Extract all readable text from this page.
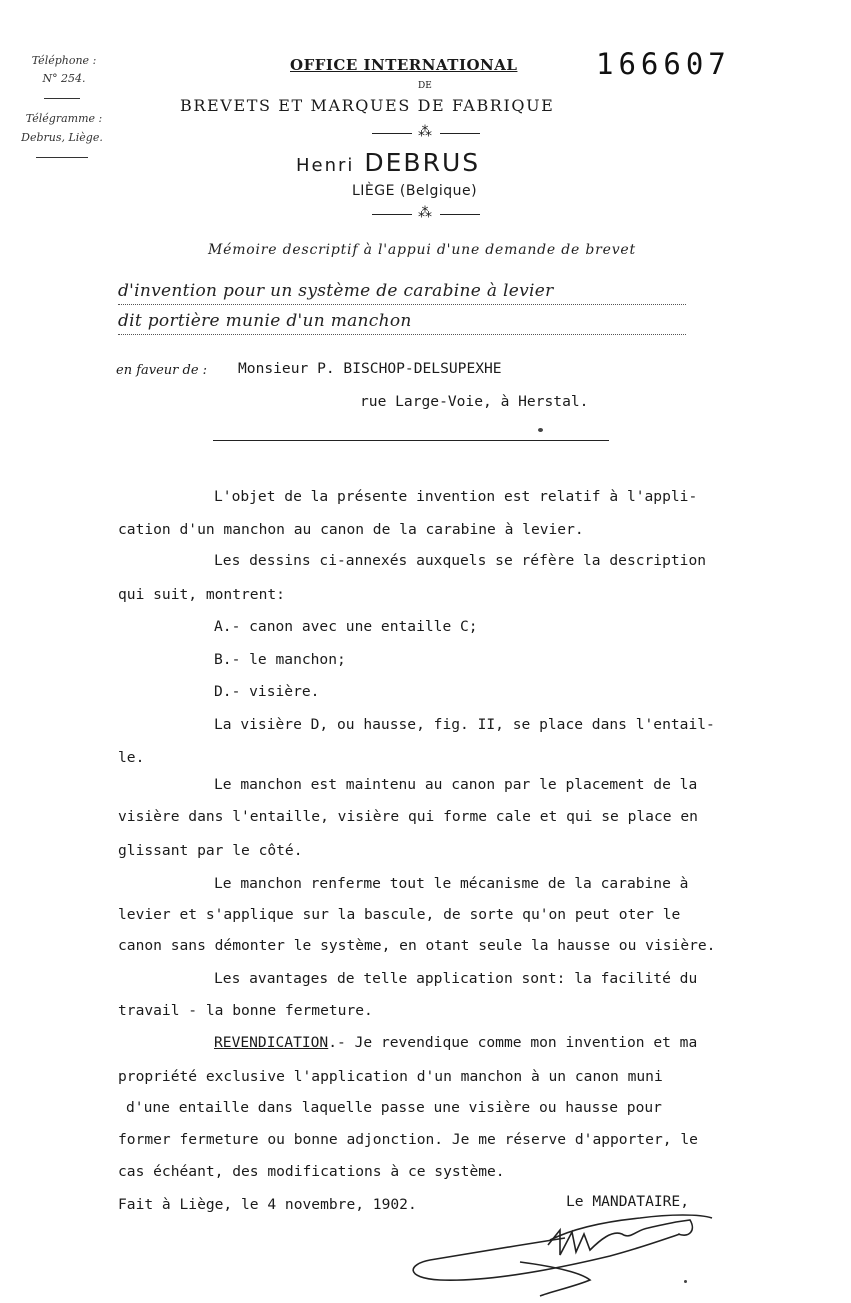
Téléphone :
N° 254.
Télégramme :
Debrus, Liège.
OFFICE INTERNATIONAL	166607
DE
BREVETS ET MARQUES DE FABRIQUE
⁂
Henri DEBRUS
LIÈGE (Belgique)
⁂
Mémoire descriptif à l'appui d'une demande de brevet
d'invention pour un système de carabine à levier
dit portière munie d'un manchon
en faveur de : Monsieur P. BISCHOP-DELSUPEXHE
rue Large-Voie, à Herstal.
L'objet de la présente invention est relatif à l'appli-
cation d'un manchon au canon de la carabine à levier.
Les dessins ci-annexés auxquels se réfère la description
qui suit, montrent:
A.- canon avec une entaille C;
B.- le manchon;
D.- visière.
La visière D, ou hausse, fig. II, se place dans l'entail-
le.
Le manchon est maintenu au canon par le placement de la
visière dans l'entaille, visière qui forme cale et qui se place en
glissant par le côté.
Le manchon renferme tout le mécanisme de la carabine à
levier et s'applique sur la bascule, de sorte qu'on peut oter le
canon sans démonter le système, en otant seule la hausse ou visière.
Les avantages de telle application sont: la facilité du
travail - la bonne fermeture.
REVENDICATION.- Je revendique comme mon invention et ma
propriété exclusive l'application d'un manchon à un canon muni
d'une entaille dans laquelle passe une visière ou hausse pour
former fermeture ou bonne adjonction. Je me réserve d'apporter, le
cas échéant, des modifications à ce système.
Fait à Liège, le 4 novembre, 1902.	Le MANDATAIRE,
